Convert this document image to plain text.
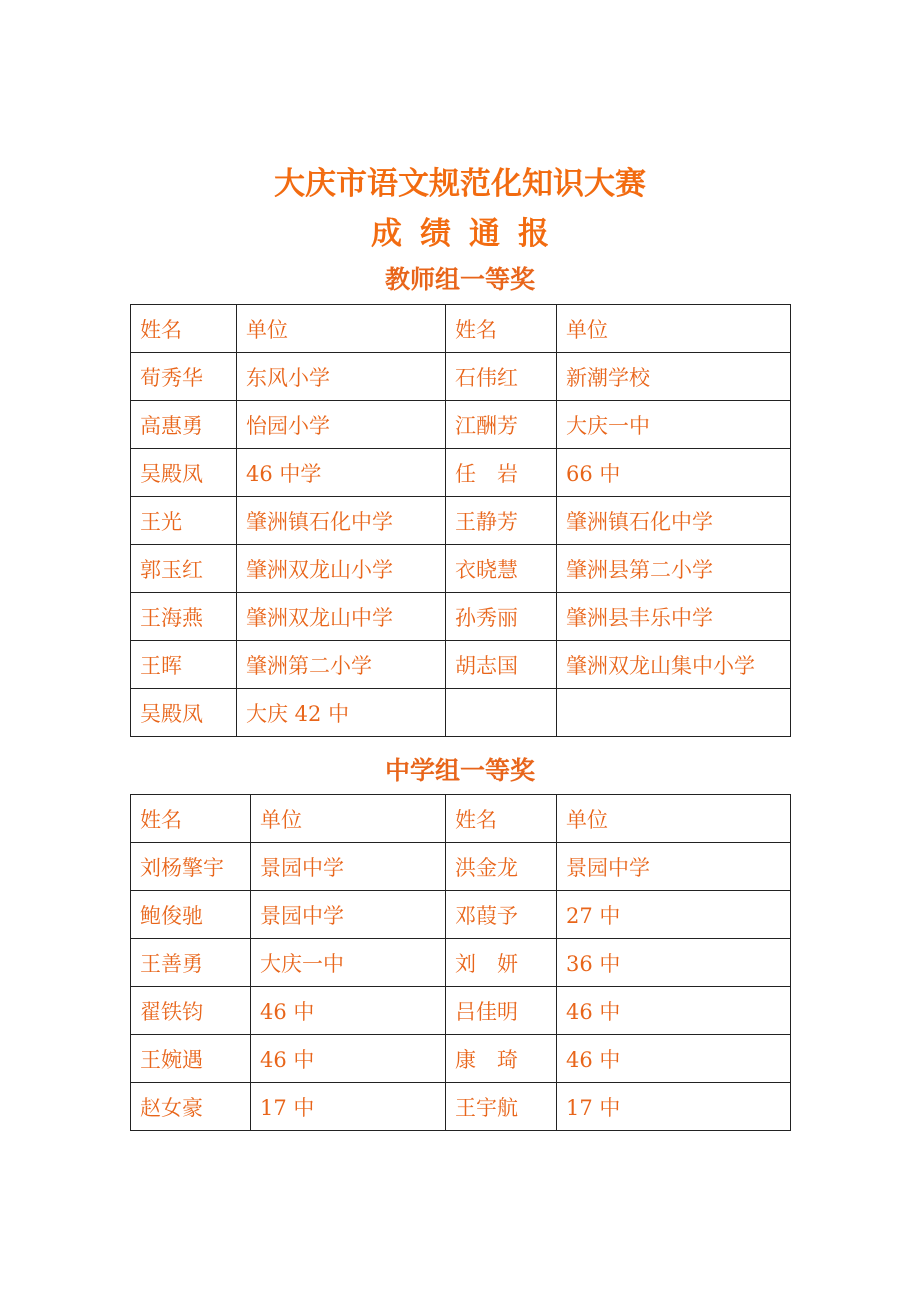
大庆市语文规范化知识大赛
成绩通报
教师组一等奖
姓名	单位	姓名	单位
荀秀华	东风小学	石伟红	新潮学校
高惠勇	怡园小学	江酬芳	大庆一中
吴殿凤	46 中学	任　岩	66 中
王光	肇洲镇石化中学	王静芳	肇洲镇石化中学
郭玉红	肇洲双龙山小学	衣晓慧	肇洲县第二小学
王海燕	肇洲双龙山中学	孙秀丽	肇洲县丰乐中学
王晖	肇洲第二小学	胡志国	肇洲双龙山集中小学
吴殿凤	大庆 42 中		
中学组一等奖
姓名	单位	姓名	单位
刘杨擎宇	景园中学	洪金龙	景园中学
鲍俊驰	景园中学	邓葭予	27 中
王善勇	大庆一中	刘　妍	36 中
翟铁钧	46 中	吕佳明	46 中
王婉遇	46 中	康　琦	46 中
赵女豪	17 中	王宇航	17 中
